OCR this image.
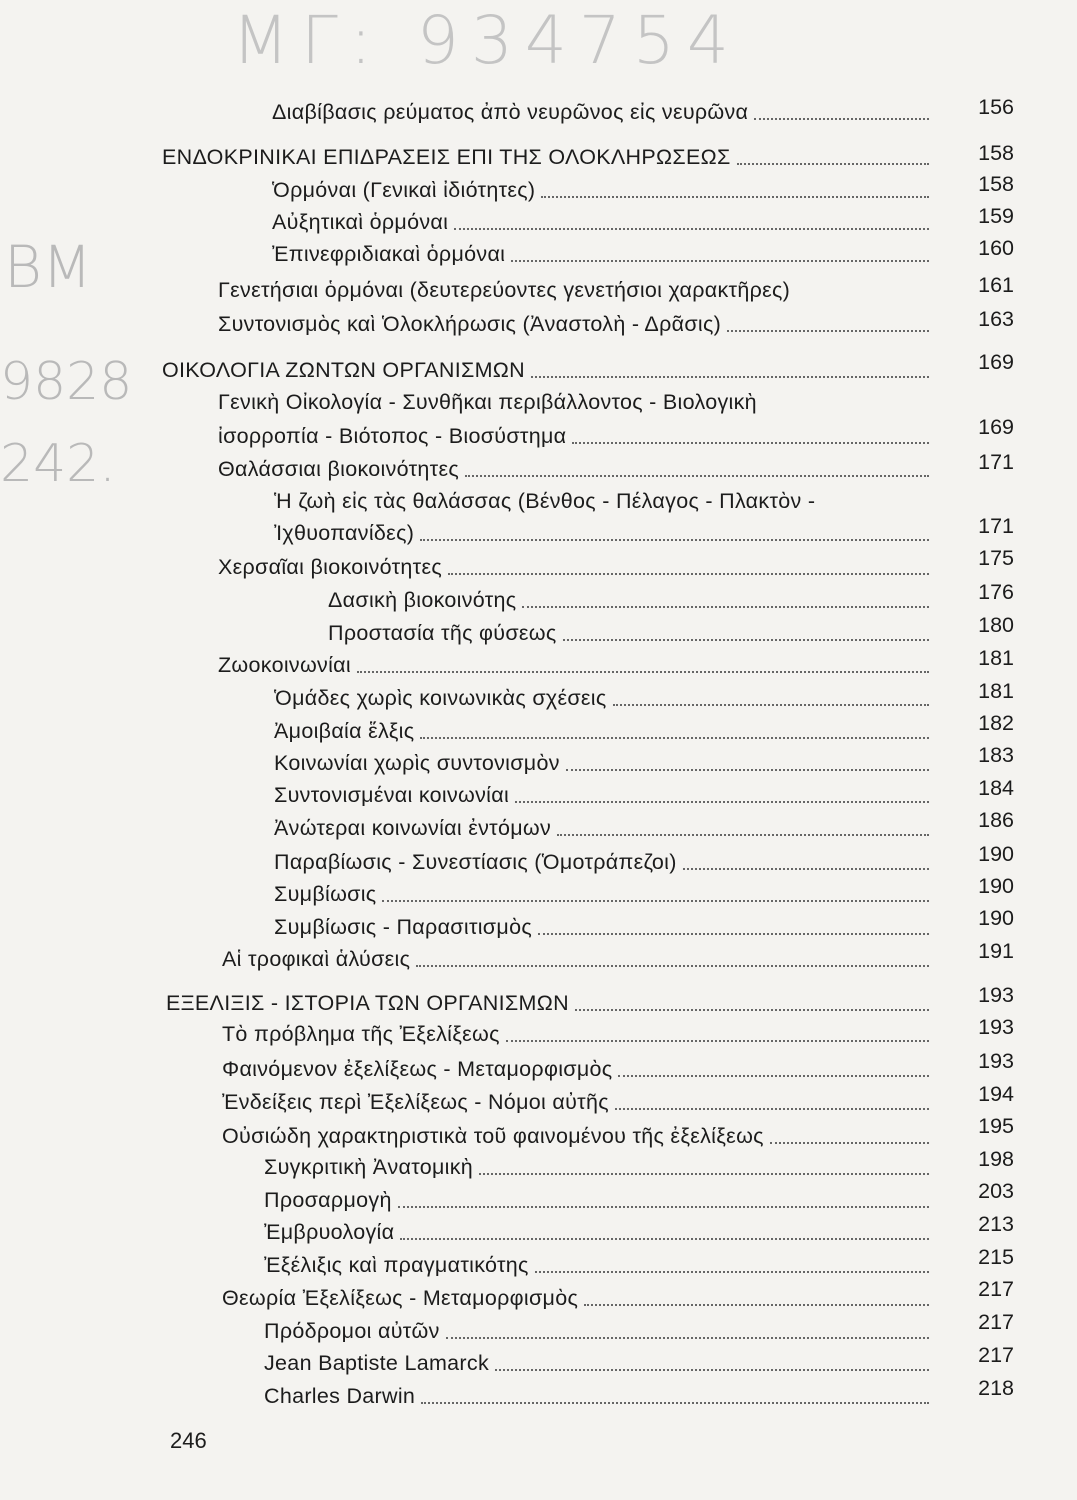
ΜΓ: 934754
BM
9828
242.
Διαβίβασις ρεύματος ἀπὸ νευρῶνος εἰς νευρῶνα	156
ΕΝΔΟΚΡΙΝΙΚΑΙ ΕΠΙΔΡΑΣΕΙΣ ΕΠΙ ΤΗΣ ΟΛΟΚΛΗΡΩΣΕΩΣ	158
Ὁρμόναι (Γενικαὶ ἰδιότητες)	158
Αὐξητικαὶ ὁρμόναι	159
Ἐπινεφριδιακαὶ ὁρμόναι	160
Γενετήσιαι ὁρμόναι (δευτερεύοντες γενετήσιοι χαρακτῆρες)	161
Συντονισμὸς καὶ Ὁλοκλήρωσις (Ἀναστολὴ - Δρᾶσις)	163
ΟΙΚΟΛΟΓΙΑ ΖΩΝΤΩΝ ΟΡΓΑΝΙΣΜΩΝ	169
Γενικὴ Οἰκολογία - Συνθῆκαι περιβάλλοντος - Βιολογικὴ
ἰσορροπία - Βιότοπος - Βιοσύστημα	169
Θαλάσσιαι βιοκοινότητες	171
Ἡ ζωὴ εἰς τὰς θαλάσσας (Βένθος - Πέλαγος - Πλακτὸν -
Ἰχθυοπανίδες)	171
Χερσαῖαι βιοκοινότητες	175
Δασικὴ βιοκοινότης	176
Προστασία τῆς φύσεως	180
Ζωοκοινωνίαι	181
Ὁμάδες χωρὶς κοινωνικὰς σχέσεις	181
Ἀμοιβαία ἕλξις	182
Κοινωνίαι χωρὶς συντονισμὸν	183
Συντονισμέναι κοινωνίαι	184
Ἀνώτεραι κοινωνίαι ἐντόμων	186
Παραβίωσις - Συνεστίασις (Ὁμοτράπεζοι)	190
Συμβίωσις	190
Συμβίωσις - Παρασιτισμὸς	190
Αἱ τροφικαὶ ἁλύσεις	191
ΕΞΕΛΙΞΙΣ - ΙΣΤΟΡΙΑ ΤΩΝ ΟΡΓΑΝΙΣΜΩΝ	193
Τὸ πρόβλημα τῆς Ἐξελίξεως	193
Φαινόμενον ἐξελίξεως - Μεταμορφισμὸς	193
Ἐνδείξεις περὶ Ἐξελίξεως - Νόμοι αὐτῆς	194
Οὐσιώδη χαρακτηριστικὰ τοῦ φαινομένου τῆς ἐξελίξεως	195
Συγκριτικὴ Ἀνατομικὴ	198
Προσαρμογὴ	203
Ἐμβρυολογία	213
Ἐξέλιξις καὶ πραγματικότης	215
Θεωρία Ἐξελίξεως - Μεταμορφισμὸς	217
Πρόδρομοι αὐτῶν	217
Jean Baptiste Lamarck	217
Charles Darwin	218
246
